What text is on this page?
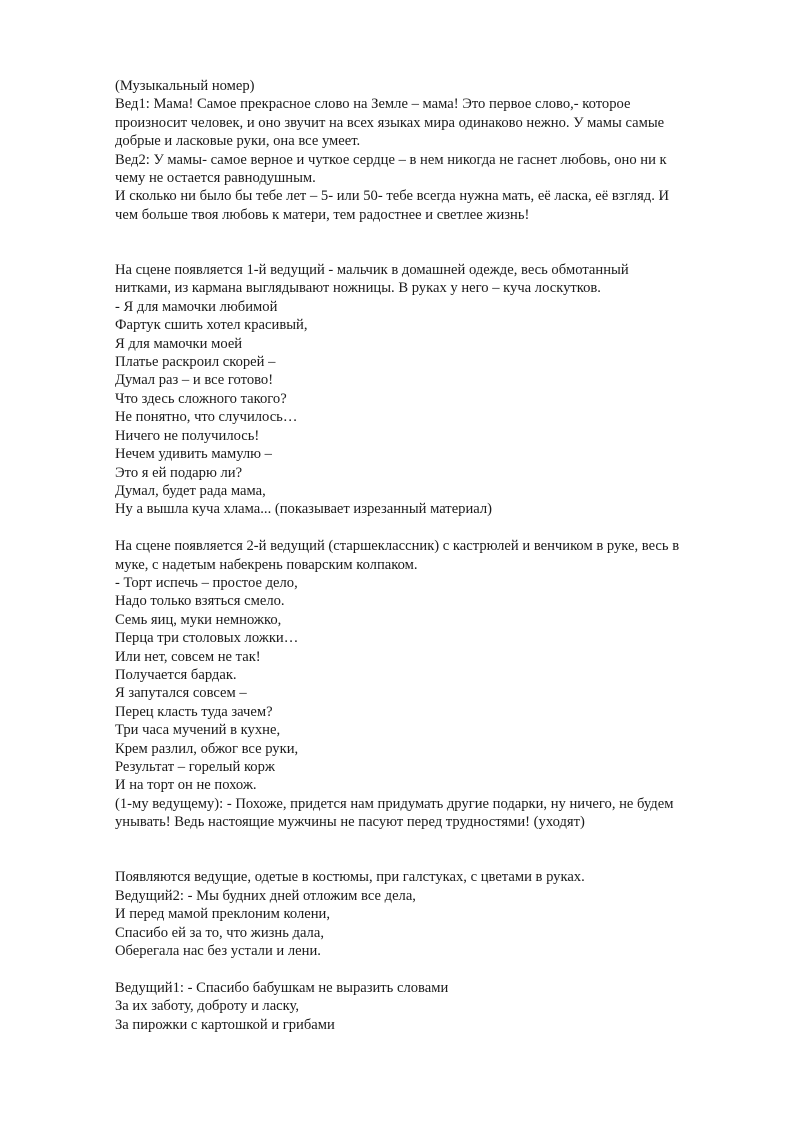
(Музыкальный номер)
Вед1: Мама! Самое прекрасное слово на Земле – мама! Это первое слово,- которое
произносит человек, и оно звучит на всех языках мира одинаково нежно. У мамы самые
добрые и ласковые руки, она все умеет.
Вед2: У мамы- самое верное и чуткое сердце – в нем никогда не гаснет любовь, оно ни к
чему не остается равнодушным.
И сколько ни было бы тебе лет – 5- или 50- тебе всегда нужна мать, её ласка, её взгляд. И
чем больше твоя любовь к матери, тем радостнее и светлее жизнь!
На сцене появляется 1-й ведущий - мальчик в домашней одежде, весь обмотанный
нитками, из кармана выглядывают ножницы. В руках у него – куча лоскутков.
- Я для мамочки любимой
Фартук сшить хотел красивый,
Я для мамочки моей
Платье раскроил скорей –
Думал раз – и все готово!
Что здесь сложного такого?
Не понятно, что случилось…
Ничего не получилось!
Нечем удивить мамулю –
Это я ей подарю ли?
Думал, будет рада мама,
Ну а вышла куча хлама... (показывает изрезанный материал)
На сцене появляется 2-й ведущий (старшеклассник) с кастрюлей и венчиком в руке, весь в
муке, с надетым набекрень поварским колпаком.
- Торт испечь – простое дело,
Надо только взяться смело.
Семь яиц, муки немножко,
Перца три столовых ложки…
Или нет, совсем не так!
Получается бардак.
Я запутался совсем –
Перец класть туда зачем?
Три часа мучений в кухне,
Крем разлил, обжог все руки,
Результат – горелый корж
И на торт он не похож.
(1-му ведущему): - Похоже, придется нам придумать другие подарки, ну ничего, не будем
унывать! Ведь настоящие мужчины не пасуют перед трудностями! (уходят)
Появляются ведущие, одетые в костюмы, при галстуках, с цветами в руках.
Ведущий2: - Мы будних дней отложим все дела,
И перед мамой преклоним колени,
Спасибо ей за то, что жизнь дала,
Оберегала нас без устали и лени.
Ведущий1: - Спасибо бабушкам не выразить словами
За их заботу, доброту и ласку,
За пирожки с картошкой и грибами
